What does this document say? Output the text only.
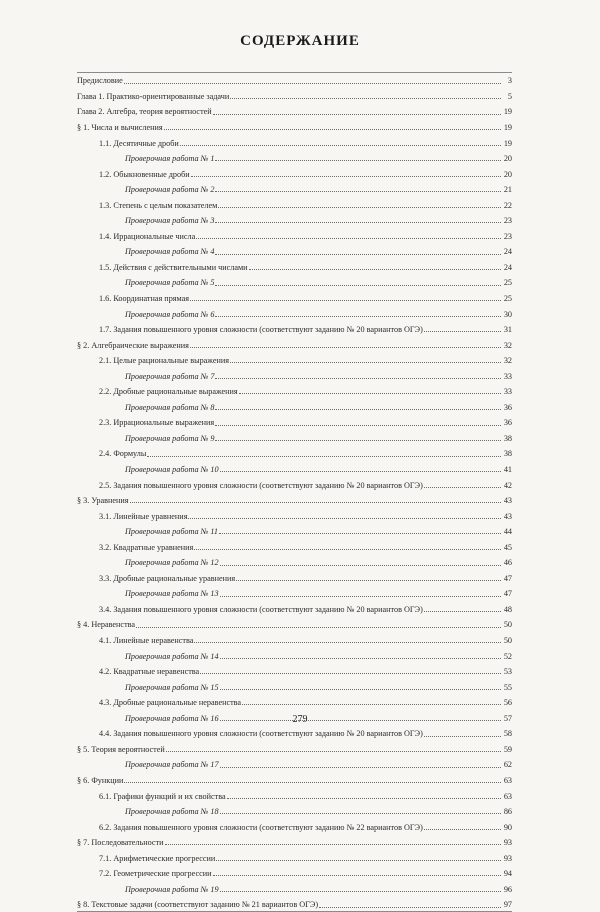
СОДЕРЖАНИЕ
Предисловие	3
Глава 1. Практико-ориентированные задачи	5
Глава 2. Алгебра, теория вероятностей	19
§ 1. Числа и вычисления	19
1.1. Десятичные дроби	19
Проверочная работа № 1	20
1.2. Обыкновенные дроби	20
Проверочная работа № 2	21
1.3. Степень с целым показателем	22
Проверочная работа № 3	23
1.4. Иррациональные числа	23
Проверочная работа № 4	24
1.5. Действия с действительными числами	24
Проверочная работа № 5	25
1.6. Координатная прямая	25
Проверочная работа № 6	30
1.7. Задания повышенного уровня сложности (соответствуют заданию № 20 вариантов ОГЭ)	31
§ 2. Алгебраические выражения	32
2.1. Целые рациональные выражения	32
Проверочная работа № 7	33
2.2. Дробные рациональные выражения	33
Проверочная работа № 8	36
2.3. Иррациональные выражения	36
Проверочная работа № 9	38
2.4. Формулы	38
Проверочная работа № 10	41
2.5. Задания повышенного уровня сложности (соответствуют заданию № 20 вариантов ОГЭ)	42
§ 3. Уравнения	43
3.1. Линейные уравнения	43
Проверочная работа № 11	44
3.2. Квадратные уравнения	45
Проверочная работа № 12	46
3.3. Дробные рациональные уравнения	47
Проверочная работа № 13	47
3.4. Задания повышенного уровня сложности (соответствуют заданию № 20 вариантов ОГЭ)	48
§ 4. Неравенства	50
4.1. Линейные неравенства	50
Проверочная работа № 14	52
4.2. Квадратные неравенства	53
Проверочная работа № 15	55
4.3. Дробные рациональные неравенства	56
Проверочная работа № 16	57
4.4. Задания повышенного уровня сложности (соответствуют заданию № 20 вариантов ОГЭ)	58
§ 5. Теория вероятностей	59
Проверочная работа № 17	62
§ 6. Функции	63
6.1. Графики функций и их свойства	63
Проверочная работа № 18	86
6.2. Задания повышенного уровня сложности (соответствуют заданию № 22 вариантов ОГЭ)	90
§ 7. Последовательности	93
7.1. Арифметические прогрессии	93
7.2. Геометрические прогрессии	94
Проверочная работа № 19	96
§ 8. Текстовые задачи (соответствуют заданию № 21 вариантов ОГЭ)	97
279
